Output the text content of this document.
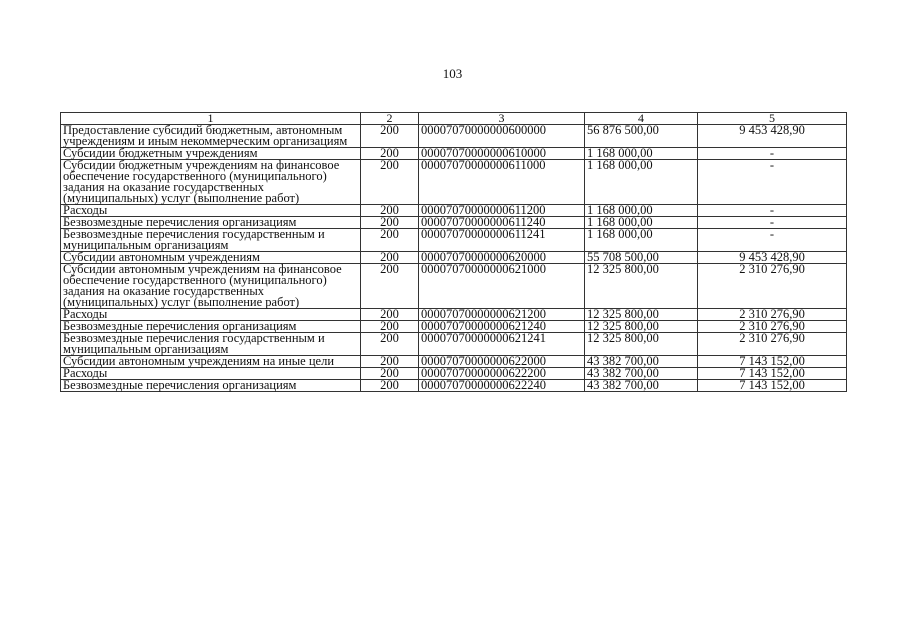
103
1	2	3	4	5
Предоставление субсидий бюджетным, автономным учреждениям и иным некоммерческим организациям	200	00007070000000600000	56 876 500,00	9 453 428,90
Субсидии бюджетным учреждениям	200	00007070000000610000	1 168 000,00	-
Субсидии бюджетным учреждениям на финансовое обеспечение государственного (муниципального) задания на оказание государственных (муниципальных) услуг (выполнение работ)	200	00007070000000611000	1 168 000,00	-
Расходы	200	00007070000000611200	1 168 000,00	-
Безвозмездные перечисления организациям	200	00007070000000611240	1 168 000,00	-
Безвозмездные перечисления государственным и муниципальным организациям	200	00007070000000611241	1 168 000,00	-
Субсидии автономным учреждениям	200	00007070000000620000	55 708 500,00	9 453 428,90
Субсидии автономным учреждениям на финансовое обеспечение государственного (муниципального) задания на оказание государственных (муниципальных) услуг (выполнение работ)	200	00007070000000621000	12 325 800,00	2 310 276,90
Расходы	200	00007070000000621200	12 325 800,00	2 310 276,90
Безвозмездные перечисления организациям	200	00007070000000621240	12 325 800,00	2 310 276,90
Безвозмездные перечисления государственным и муниципальным организациям	200	00007070000000621241	12 325 800,00	2 310 276,90
Субсидии автономным учреждениям на иные цели	200	00007070000000622000	43 382 700,00	7 143 152,00
Расходы	200	00007070000000622200	43 382 700,00	7 143 152,00
Безвозмездные перечисления организациям	200	00007070000000622240	43 382 700,00	7 143 152,00
